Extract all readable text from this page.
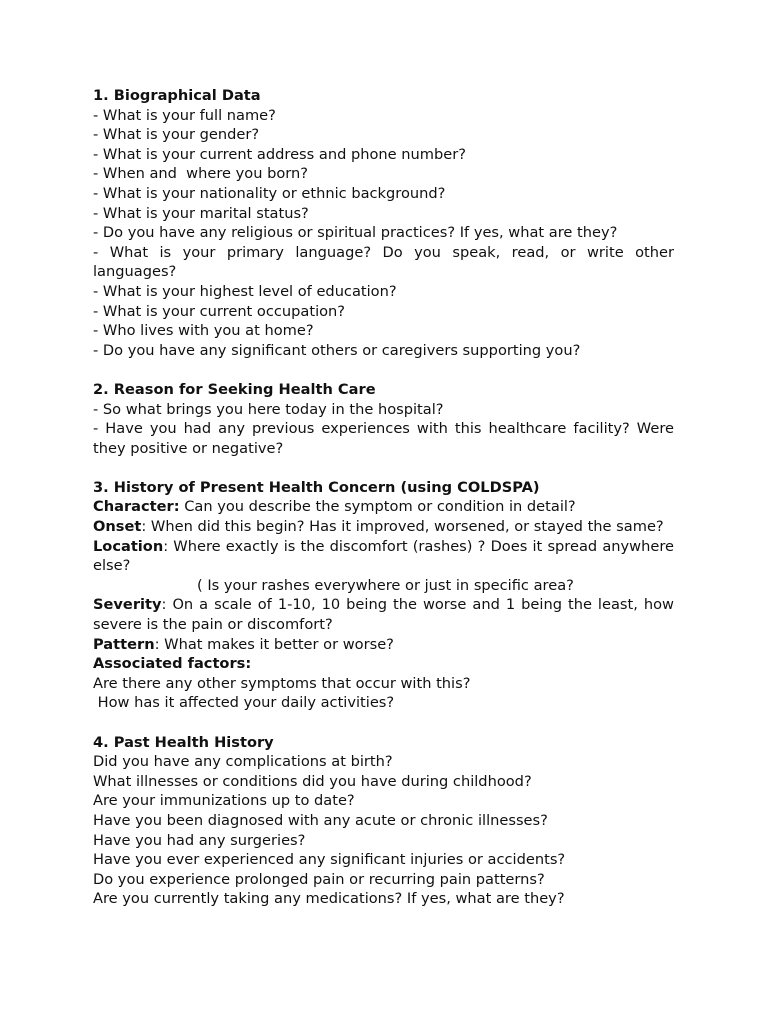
1. Biographical Data
- What is your full name?
- What is your gender?
- What is your current address and phone number?
- When and  where you born?
- What is your nationality or ethnic background?
- What is your marital status?
- Do you have any religious or spiritual practices? If yes, what are they?
- What is your primary language? Do you speak, read, or write other languages?
- What is your highest level of education?
- What is your current occupation?
- Who lives with you at home?
- Do you have any significant others or caregivers supporting you?
2. Reason for Seeking Health Care
- So what brings you here today in the hospital?
- Have you had any previous experiences with this healthcare facility? Were they positive or negative?
3. History of Present Health Concern (using COLDSPA)
Character: Can you describe the symptom or condition in detail?
Onset: When did this begin? Has it improved, worsened, or stayed the same?
Location: Where exactly is the discomfort (rashes) ? Does it spread anywhere else?
( Is your rashes everywhere or just in specific area?
Severity: On a scale of 1-10, 10 being the worse and 1 being the least, how severe is the pain or discomfort?
Pattern: What makes it better or worse?
Associated factors:
Are there any other symptoms that occur with this?
How has it affected your daily activities?
4. Past Health History
Did you have any complications at birth?
What illnesses or conditions did you have during childhood?
Are your immunizations up to date?
Have you been diagnosed with any acute or chronic illnesses?
Have you had any surgeries?
Have you ever experienced any significant injuries or accidents?
Do you experience prolonged pain or recurring pain patterns?
Are you currently taking any medications? If yes, what are they?
